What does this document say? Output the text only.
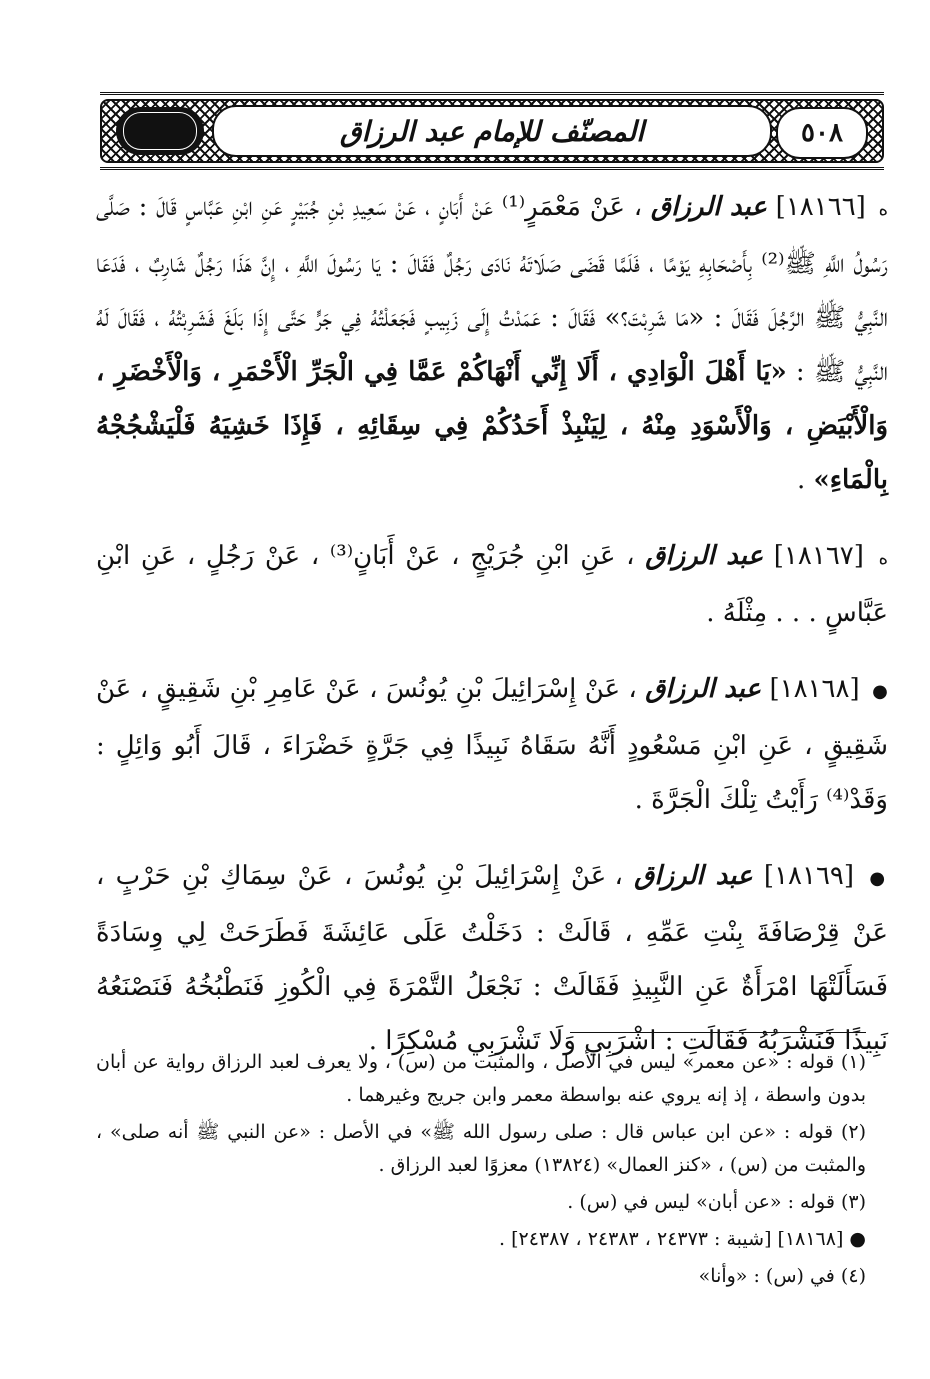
المصنّف للإمام عبد الرزاق	٥٠٨

ه [١٨١٦٦] عبد الرزاق ، عَنْ مَعْمَرٍ⁽¹⁾ عَنْ أَبَانٍ ، عَنْ سَعِيدِ بْنِ جُبَيْرٍ عَنِ ابْنِ عَبَّاسٍ قَالَ : صَلَّى رَسُولُ اللَّهِ ﷺ⁽²⁾ بِأَصْحَابِهِ يَوْمًا ، فَلَمَّا قَضَى صَلَاتَهُ نَادَى رَجُلٌ فَقَالَ : يَا رَسُولَ اللَّهِ ، إِنَّ هَذَا رَجُلٌ شَارِبٌ ، فَدَعَا النَّبِيُّ ﷺ الرَّجُلَ فَقَالَ : «مَا شَرِبْتَ؟» فَقَالَ : عَمَدْتُ إِلَى زَبِيبٍ فَجَعَلْتُهُ فِي جَرٍّ حَتَّى إِذَا بَلَغَ فَشَرِبْتُهُ ، فَقَالَ لَهُ النَّبِيُّ ﷺ : «يَا أَهْلَ الْوَادِي ، أَلَا إِنِّي أَنْهَاكُمْ عَمَّا فِي الْجَرِّ الْأَحْمَرِ ، وَالْأَخْضَرِ ، وَالْأَبْيَضِ ، وَالْأَسْوَدِ مِنْهُ ، لِيَنْبِذْ أَحَدُكُمْ فِي سِقَائِهِ ، فَإِذَا خَشِيَهُ فَلْيَشْجُجْهُ بِالْمَاءِ» .

ه [١٨١٦٧] عبد الرزاق ، عَنِ ابْنِ جُرَيْجٍ ، عَنْ أَبَانٍ⁽³⁾ ، عَنْ رَجُلٍ ، عَنِ ابْنِ عَبَّاسٍ . . . مِثْلَهُ .

● [١٨١٦٨] عبد الرزاق ، عَنْ إِسْرَائِيلَ بْنِ يُونُسَ ، عَنْ عَامِرِ بْنِ شَقِيقٍ ، عَنْ شَقِيقٍ ، عَنِ ابْنِ مَسْعُودٍ أَنَّهُ سَقَاهُ نَبِيذًا فِي جَرَّةٍ خَضْرَاءَ ، قَالَ أَبُو وَائِلٍ : وَقَدْ⁽⁴⁾ رَأَيْتُ تِلْكَ الْجَرَّةَ .

● [١٨١٦٩] عبد الرزاق ، عَنْ إِسْرَائِيلَ بْنِ يُونُسَ ، عَنْ سِمَاكِ بْنِ حَرْبٍ ، عَنْ قِرْصَافَةَ بِنْتِ عَمِّهِ ، قَالَتْ : دَخَلْتُ عَلَى عَائِشَةَ فَطَرَحَتْ لِي وِسَادَةً فَسَأَلَتْهَا امْرَأَةٌ عَنِ النَّبِيذِ فَقَالَتْ : نَجْعَلُ التَّمْرَةَ فِي الْكُوزِ فَنَطْبُخُهُ فَنَصْنَعُهُ نَبِيذًا فَنَشْرَبُهُ فَقَالَتِ : اشْرَبِي وَلَا تَشْرَبِي مُسْكِرًا .

(١) قوله : «عن معمر» ليس في الأصل ، والمثبت من (س) ، ولا يعرف لعبد الرزاق رواية عن أبان بدون واسطة ، إذ إنه يروي عنه بواسطة معمر وابن جريج وغيرهما .

(٢) قوله : «عن ابن عباس قال : صلى رسول الله ﷺ» في الأصل : «عن النبي ﷺ أنه صلى» ، والمثبت من (س) ، «كنز العمال» (١٣٨٢٤) معزوًا لعبد الرزاق .

(٣) قوله : «عن أبان» ليس في (س) .

● [١٨١٦٨] [شيبة : ٢٤٣٧٣ ، ٢٤٣٨٣ ، ٢٤٣٨٧] .

(٤) في (س) : «وأنا»
